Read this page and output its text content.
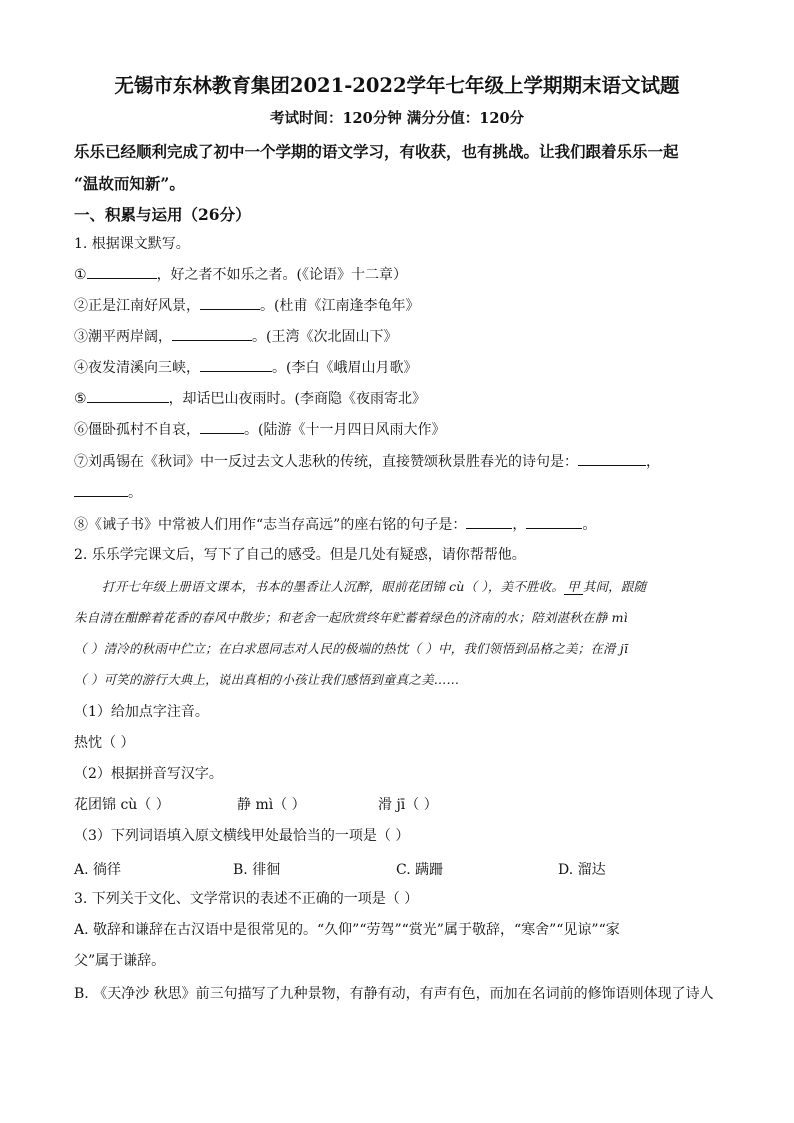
无锡市东林教育集团2021-2022学年七年级上学期期末语文试题
考试时间：120分钟 满分分值：120分
乐乐已经顺利完成了初中一个学期的语文学习，有收获，也有挑战。让我们跟着乐乐一起
“温故而知新”。
一、积累与运用（26分）
1. 根据课文默写。
①	，好之者不如乐之者。(《论语》十二章）
②正是江南好风景，	。(杜甫《江南逢李龟年》
③潮平两岸阔，	。(王湾《次北固山下》
④夜发清溪向三峡，	。(李白《峨眉山月歌》
⑤	，却话巴山夜雨时。(李商隐《夜雨寄北》
⑥僵卧孤村不自哀，	。(陆游《十一月四日风雨大作》
⑦刘禹锡在《秋词》中一反过去文人悲秋的传统，直接赞颂秋景胜春光的诗句是：	，
。
⑧《诫子书》中常被人们用作“志当存高远”的座右铭的句子是：	，	。
2. 乐乐学完课文后，写下了自己的感受。但是几处有疑惑，请你帮帮他。
打开七年级上册语文课本，书本的墨香让人沉醉，眼前花团锦 cù（ ），美不胜收。 甲 其间，跟随
朱自清在酣醉着花香的春风中散步；和老舍一起欣赏终年贮蓄着绿色的济南的水；陪刘湛秋在静 mì
（ ）清冷的秋雨中伫立；在白求恩同志对人民的极端的热忱（ ）中，我们领悟到品格之美；在滑 jī
（ ）可笑的游行大典上，说出真相的小孩让我们感悟到童真之美……
（1）给加点字注音。
热忱（ ）
（2）根据拼音写汉字。
花团锦 cù（ ）	静 mì（ ）	滑 jī（ ）
（3）下列词语填入原文横线甲处最恰当的一项是（ ）
A. 徜徉	B. 徘徊	C. 蹒跚	D. 溜达
3. 下列关于文化、文学常识的表述不正确的一项是（ ）
A. 敬辞和谦辞在古汉语中是很常见的。“久仰”“劳驾”“赏光”属于敬辞，“寒舍”“见谅”“家
父”属于谦辞。
B. 《天净沙 秋思》前三句描写了九种景物，有静有动，有声有色，而加在名词前的修饰语则体现了诗人
